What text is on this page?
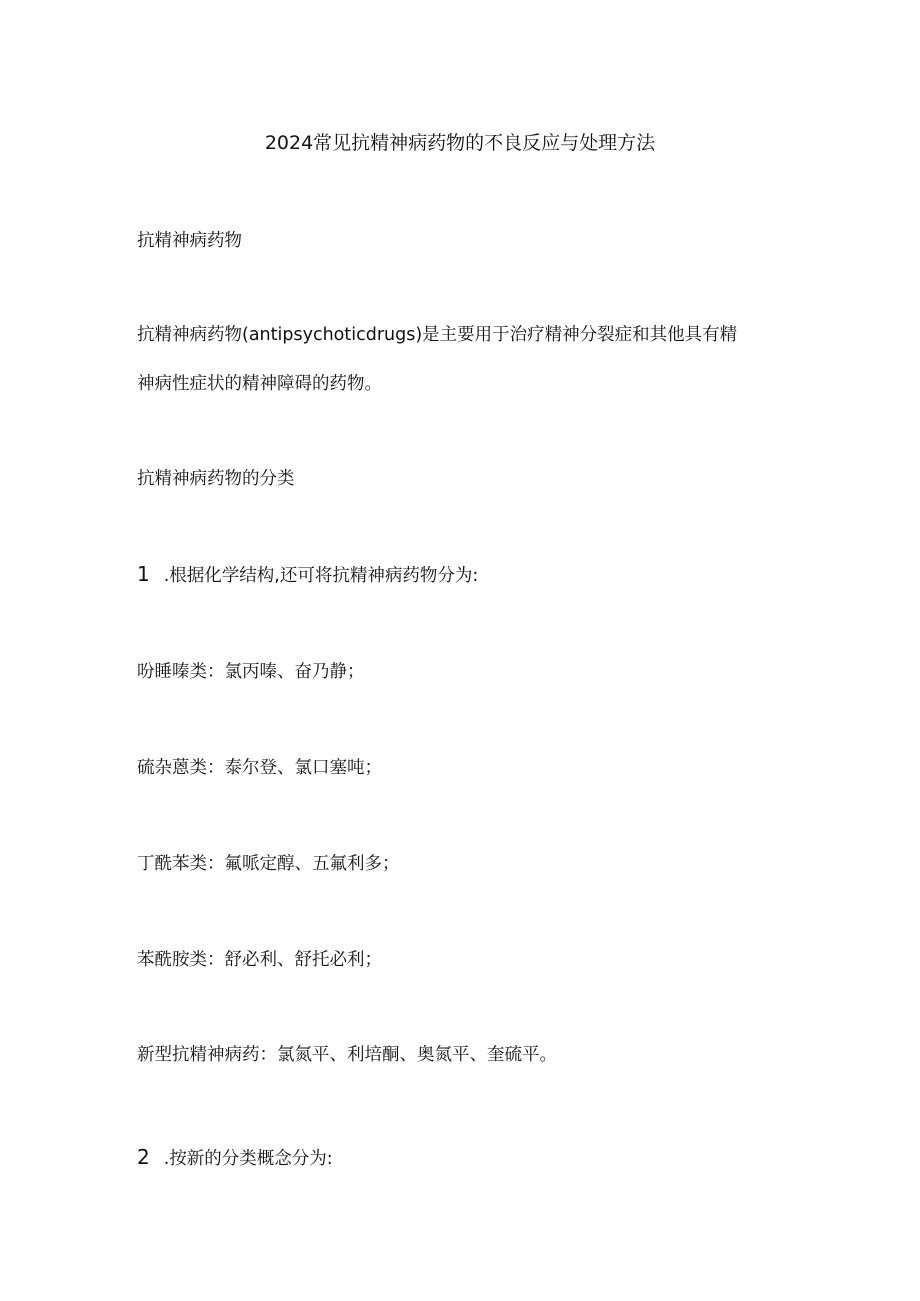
2024常见抗精神病药物的不良反应与处理方法
抗精神病药物
抗精神病药物(antipsychoticdrugs)是主要用于治疗精神分裂症和其他具有精
神病性症状的精神障碍的药物。
抗精神病药物的分类
1 .根据化学结构,还可将抗精神病药物分为:
吩睡嗪类：氯丙嗪、奋乃静；
硫杂蒽类：泰尔登、氯口塞吨；
丁酰苯类：氟哌定醇、五氟利多；
苯酰胺类：舒必利、舒托必利；
新型抗精神病药：氯氮平、利培酮、奥氮平、奎硫平。
2 .按新的分类概念分为:
